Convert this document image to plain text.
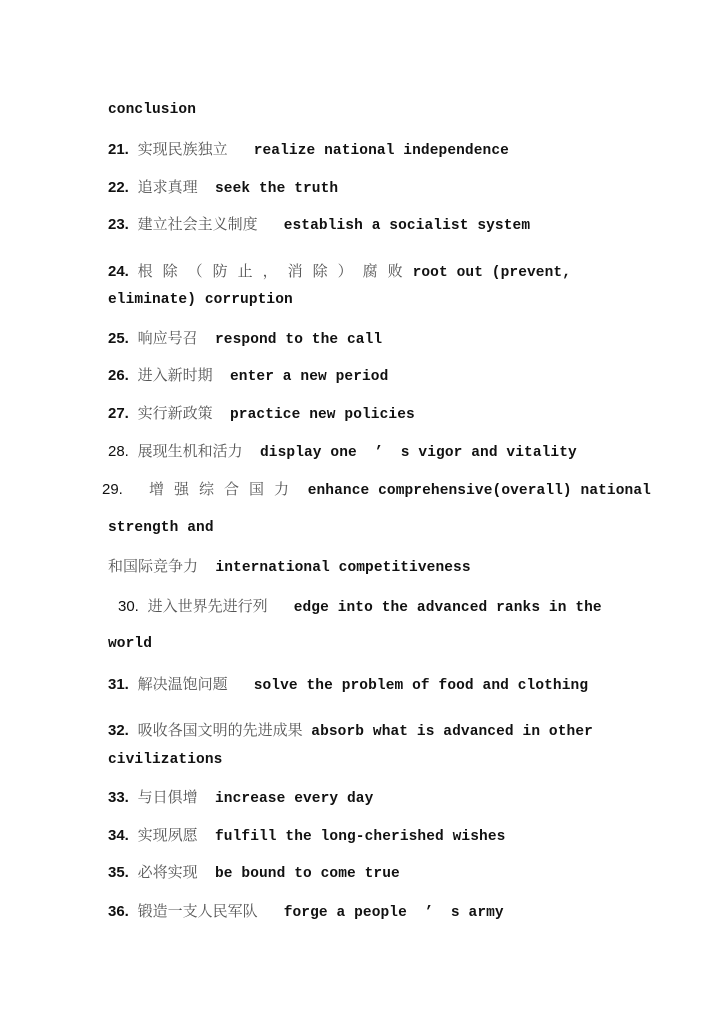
conclusion
21. 实现民族独立 realize national independence
22. 追求真理 seek the truth
23. 建立社会主义制度 establish a socialist system
24. 根除（防止，消除）腐败root out (prevent,
eliminate) corruption
25. 响应号召 respond to the call
26. 进入新时期 enter a new period
27. 实行新政策 practice new policies
28. 展现生机和活力 display one  ’  s vigor and vitality
29. 增强综合国力 enhance comprehensive(overall) national
strength and
和国际竞争力 international competitiveness
30. 进入世界先进行列 edge into the advanced ranks in the
world
31. 解决温饱问题 solve the problem of food and clothing
32. 吸收各国文明的先进成果 absorb what is advanced in other
civilizations
33. 与日俱增 increase every day
34. 实现夙愿 fulfill the long-cherished wishes
35. 必将实现 be bound to come true
36. 锻造一支人民军队 forge a people  ’  s army
